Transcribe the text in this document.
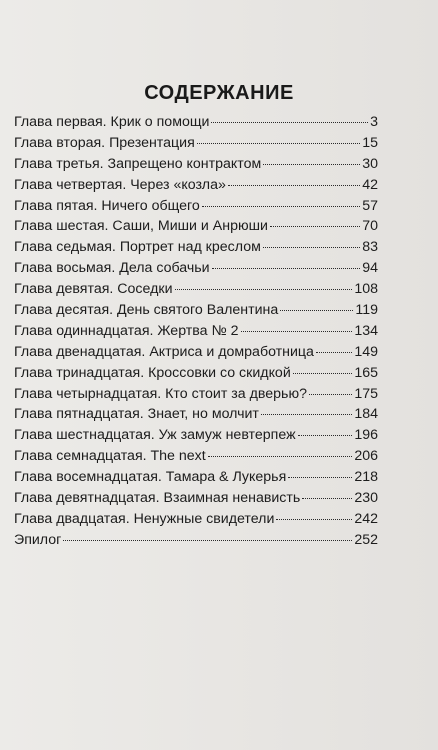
СОДЕРЖАНИЕ
Глава первая. Крик о помощи	3
Глава вторая. Презентация	15
Глава третья. Запрещено контрактом	30
Глава четвертая. Через «козла»	42
Глава пятая. Ничего общего	57
Глава шестая. Саши, Миши и Анрюши	70
Глава седьмая. Портрет над креслом	83
Глава восьмая. Дела собачьи	94
Глава девятая. Соседки	108
Глава десятая. День святого Валентина	119
Глава одиннадцатая. Жертва № 2	134
Глава двенадцатая. Актриса и домработница	149
Глава тринадцатая. Кроссовки со скидкой	165
Глава четырнадцатая. Кто стоит за дверью?	175
Глава пятнадцатая. Знает, но молчит	184
Глава шестнадцатая. Уж замуж невтерпеж	196
Глава семнадцатая. The next	206
Глава восемнадцатая. Тамара & Лукерья	218
Глава девятнадцатая. Взаимная ненависть	230
Глава двадцатая. Ненужные свидетели	242
Эпилог	252
